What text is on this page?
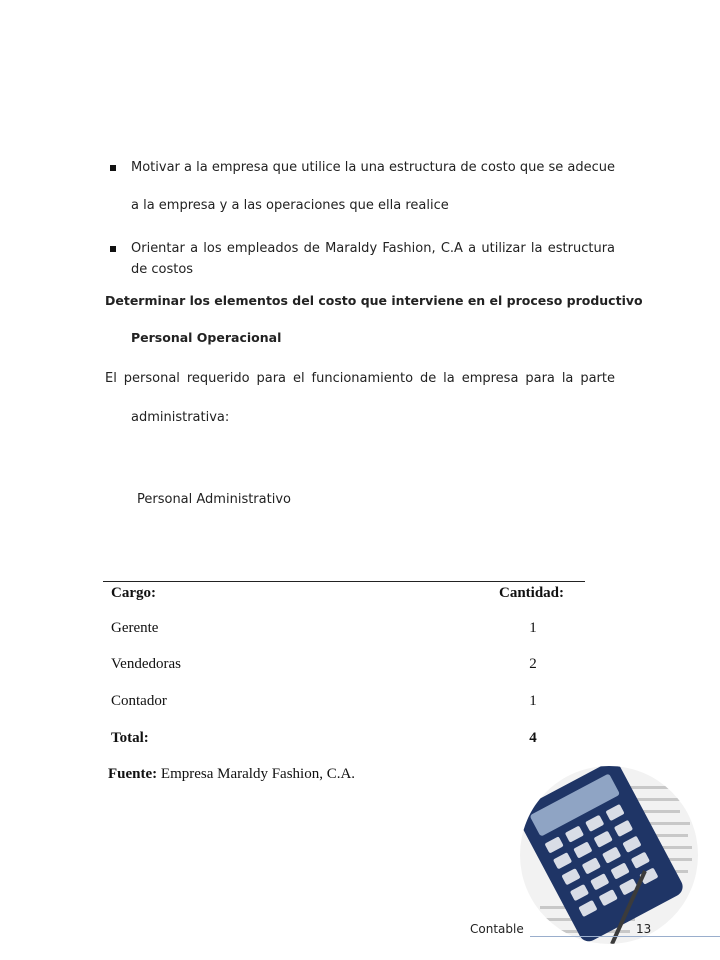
Motivar a la empresa que utilice la una estructura de costo que se adecue
a la empresa y a las operaciones que ella realice
Orientar a los empleados de Maraldy Fashion, C.A a utilizar la estructura
de costos
Determinar los elementos del costo que interviene en el proceso productivo
Personal Operacional
El personal requerido para el funcionamiento de la empresa para la parte
administrativa:
Personal Administrativo
Cargo:	Cantidad:
Gerente	1
Vendedoras	2
Contador	1
Total:	4
Fuente: Empresa Maraldy Fashion, C.A.
Contable	13
